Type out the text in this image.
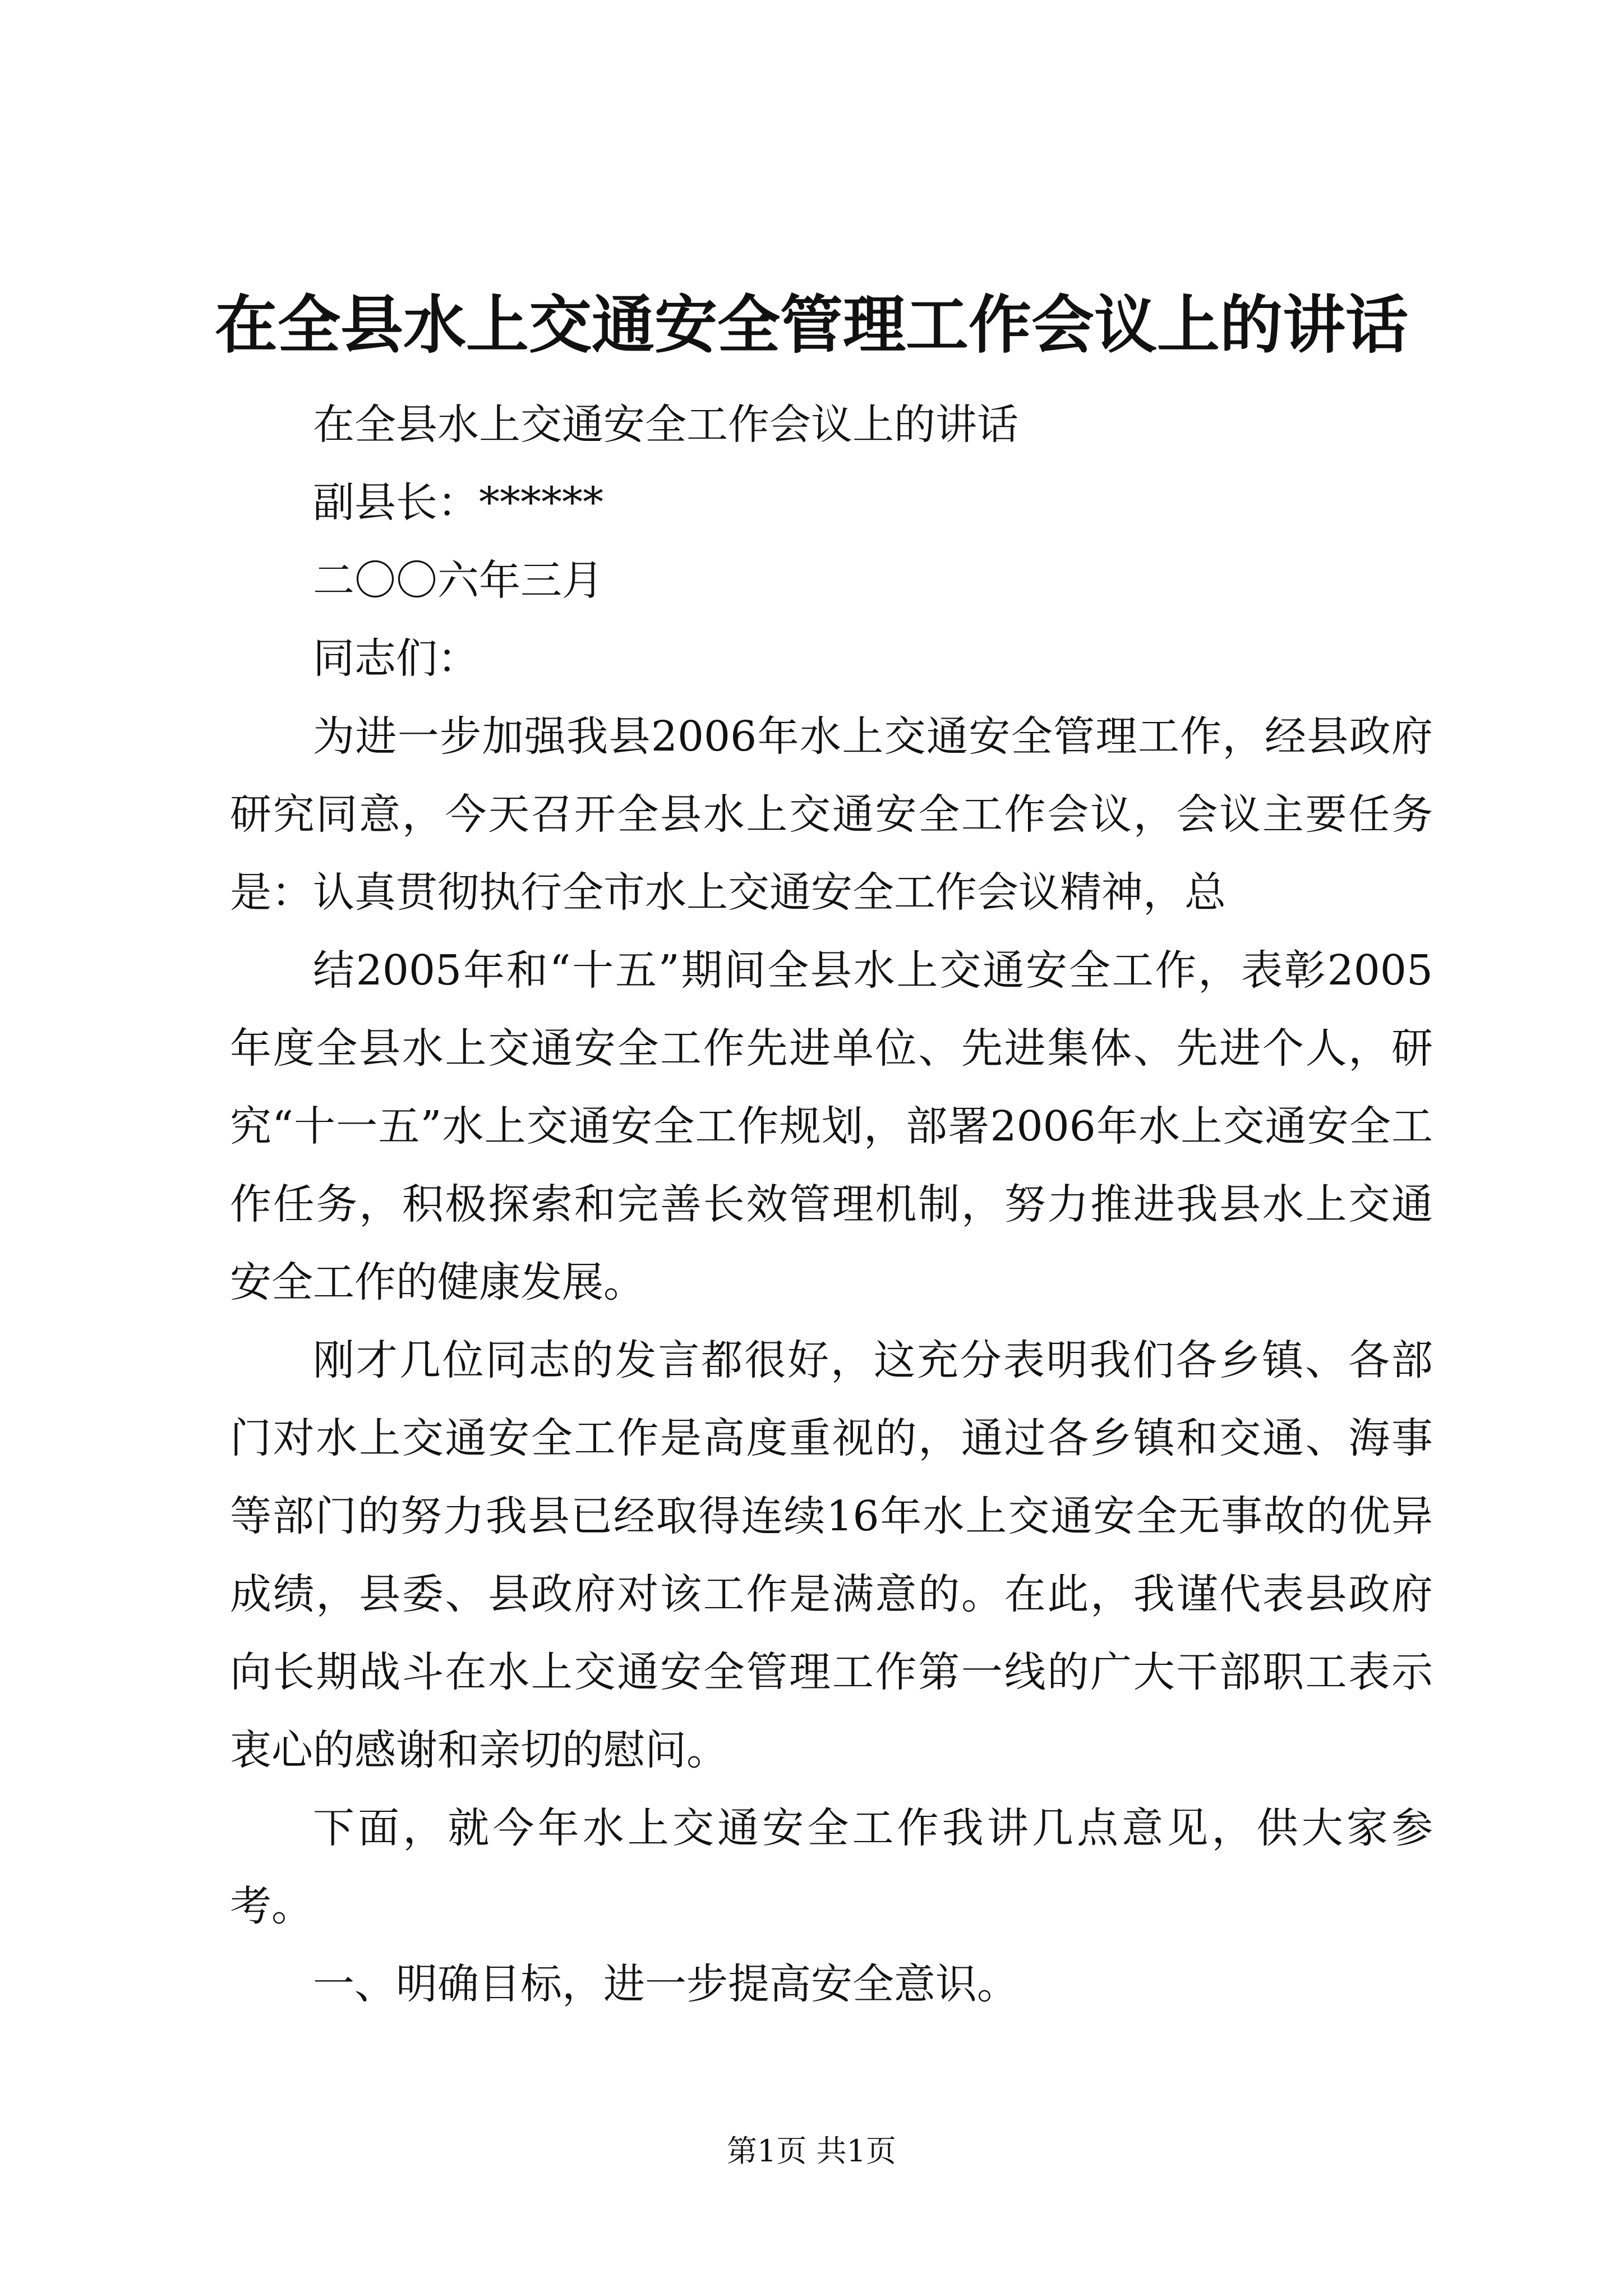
在全县水上交通安全管理工作会议上的讲话

在全县水上交通安全工作会议上的讲话

副县长：******

二〇〇六年三月

同志们：

为进一步加强我县2006年水上交通安全管理工作，经县政府研究同意，今天召开全县水上交通安全工作会议，会议主要任务是：认真贯彻执行全市水上交通安全工作会议精神，总

结2005年和“十五”期间全县水上交通安全工作，表彰2005年度全县水上交通安全工作先进单位、先进集体、先进个人，研究“十一五”水上交通安全工作规划，部署2006年水上交通安全工作任务，积极探索和完善长效管理机制，努力推进我县水上交通安全工作的健康发展。

刚才几位同志的发言都很好，这充分表明我们各乡镇、各部门对水上交通安全工作是高度重视的，通过各乡镇和交通、海事等部门的努力我县已经取得连续16年水上交通安全无事故的优异成绩，县委、县政府对该工作是满意的。在此，我谨代表县政府向长期战斗在水上交通安全管理工作第一线的广大干部职工表示衷心的感谢和亲切的慰问。

下面，就今年水上交通安全工作我讲几点意见，供大家参考。

一、明确目标，进一步提高安全意识。

第1页 共1页
